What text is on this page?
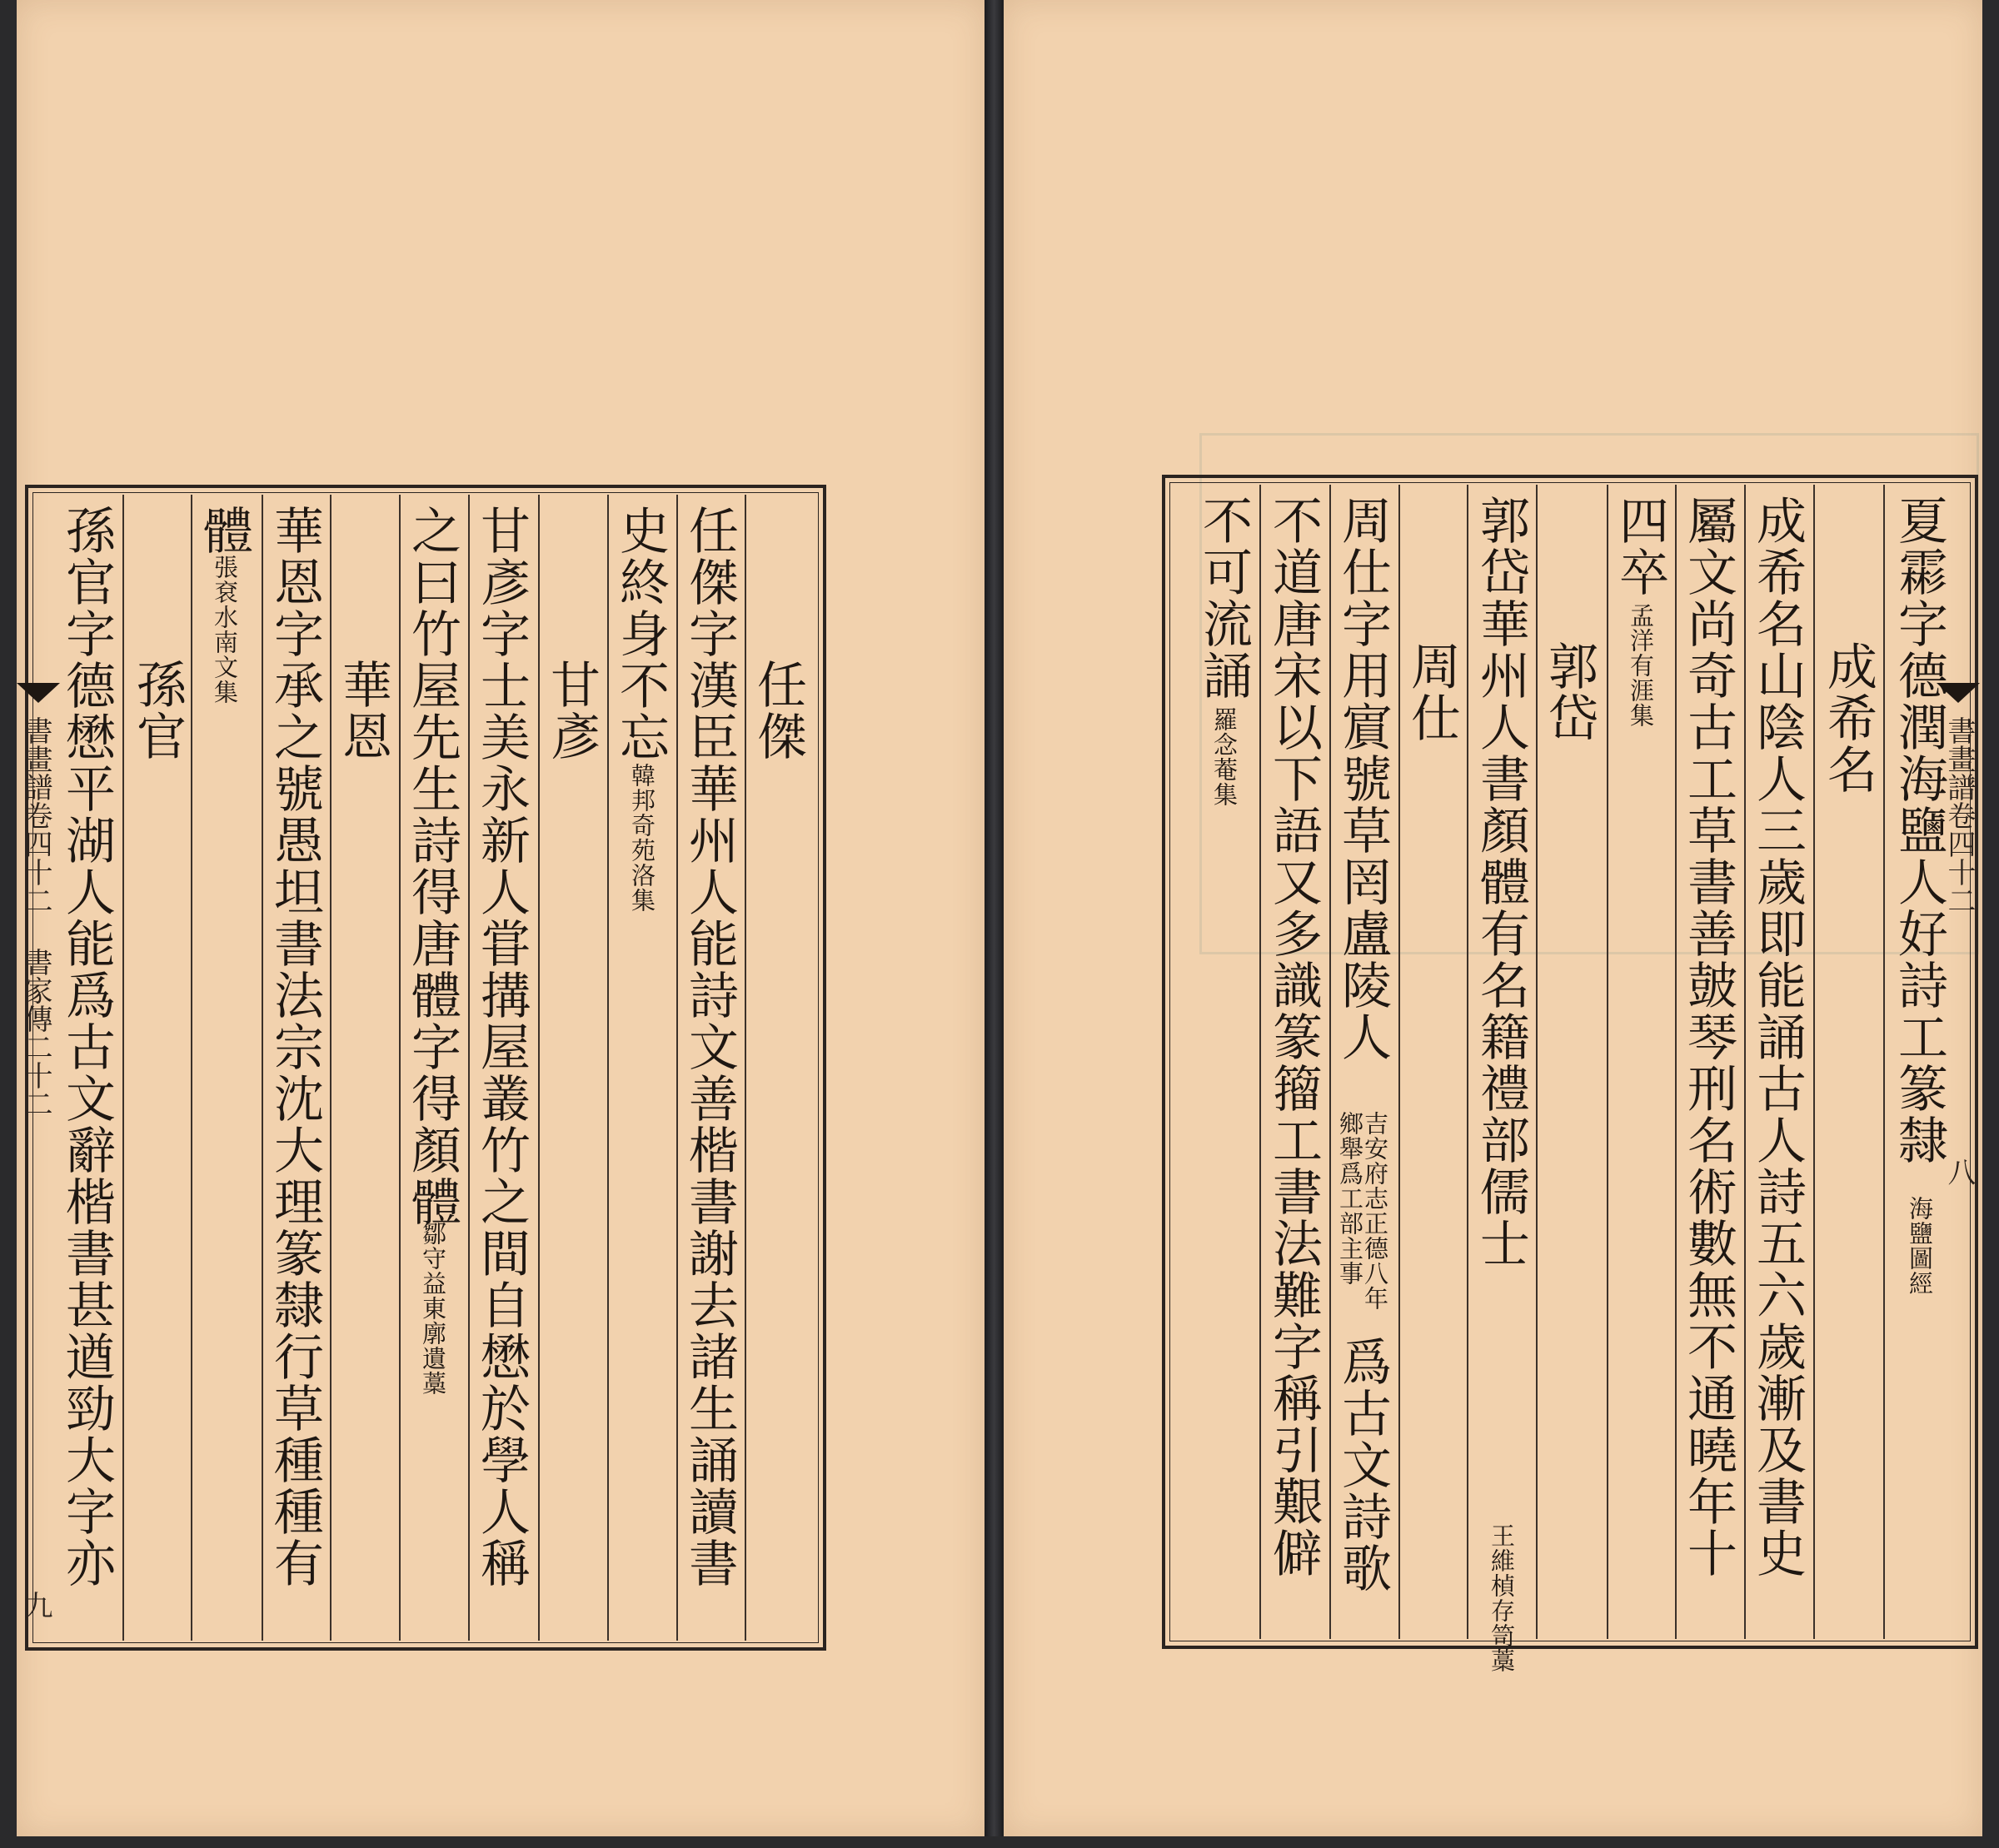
任傑
任傑字漢臣華州人能詩文善楷書謝去諸生誦讀書
史終身不忘
韓邦奇苑洛集
甘彥
甘彥字士美永新人甞搆屋叢竹之間自懋於學人稱
之曰竹屋先生詩得唐體字得顏體
鄒守益東廓遺藁
華恩
華恩字承之號愚坦書法宗沈大理篆隸行草種種有
體
張袞水南文集
孫官
孫官字德懋平湖人能爲古文辭楷書甚遒勁大字亦
書畫譜卷四十二 書家傳二十二
九
夏霦字德潤海鹽人好詩工篆隸
海鹽圖經
成希名
成希名山陰人三歲即能誦古人詩五六歲漸及書史
屬文尚奇古工草書善皷琴刑名術數無不通曉年十
四卒
孟洋有涯集
郭岱
郭岱華州人書顏體有名籍禮部儒士
王維楨存笥藁
周仕
周仕字用賔號草罔盧陵人
吉安府志正德八年
鄉舉爲工部主事
爲古文詩歌
不道唐宋以下語又多識篆籀工書法難字稱引艱僻
不可流誦
羅念菴集	書畫譜卷四十二
八
